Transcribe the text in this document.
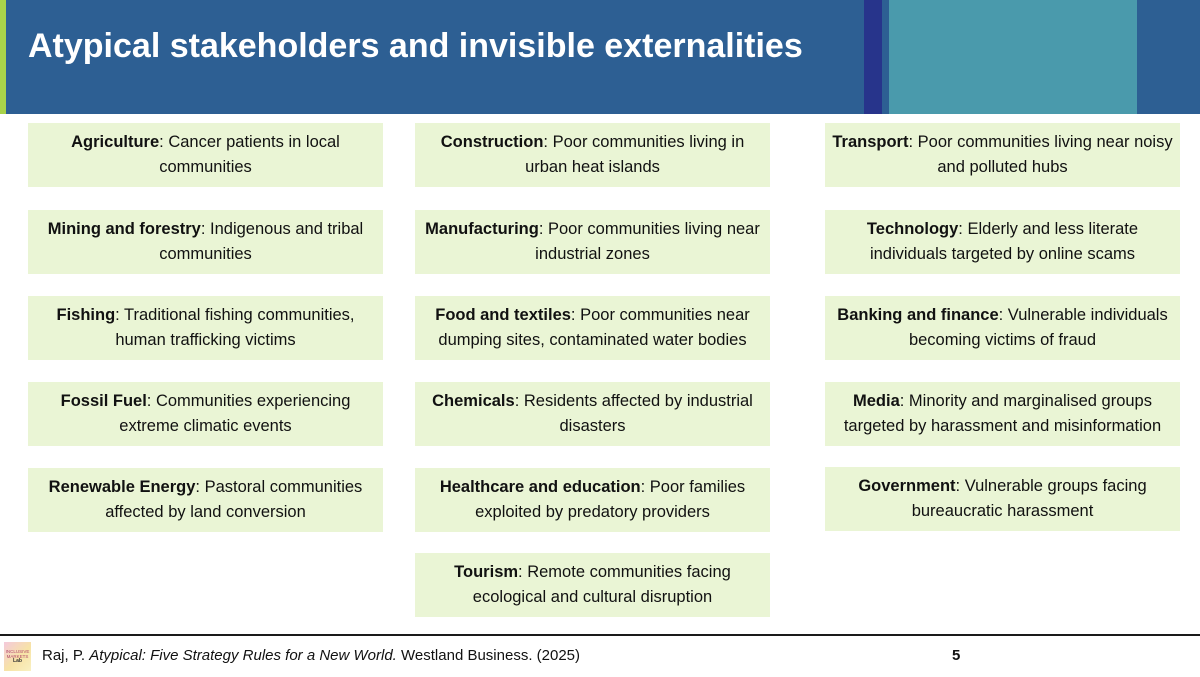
Atypical stakeholders and invisible externalities
Agriculture: Cancer patients in local communities
Mining and forestry: Indigenous and tribal communities
Fishing: Traditional fishing communities, human trafficking victims
Fossil Fuel: Communities experiencing extreme climatic events
Renewable Energy: Pastoral communities affected by land conversion
Construction: Poor communities living in urban heat islands
Manufacturing: Poor communities living near industrial zones
Food and textiles: Poor communities near dumping sites, contaminated water bodies
Chemicals: Residents affected by industrial disasters
Healthcare and education: Poor families exploited by predatory providers
Tourism: Remote communities facing ecological and cultural disruption
Transport: Poor communities living near noisy and polluted hubs
Technology: Elderly and less literate individuals targeted by online scams
Banking and finance: Vulnerable individuals becoming victims of fraud
Media: Minority and marginalised groups targeted by harassment and misinformation
Government: Vulnerable groups facing bureaucratic harassment
INCLUSIVE
MARKETS
Lab	Raj, P. Atypical: Five Strategy Rules for a New World. Westland Business. (2025)	5
